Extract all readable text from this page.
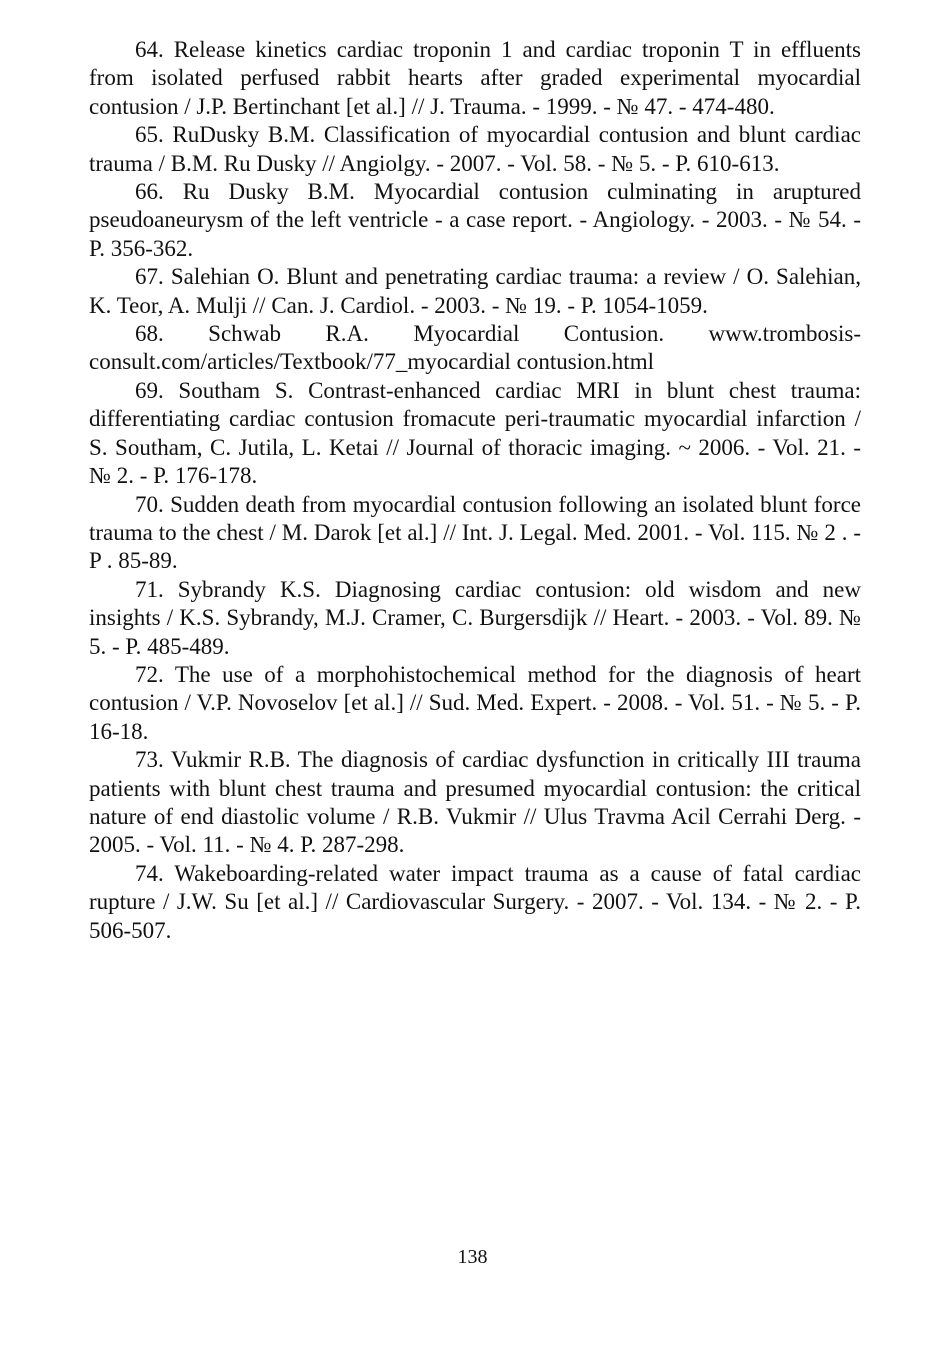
64. Release kinetics cardiac troponin 1 and cardiac troponin T in effluents from isolated perfused rabbit hearts after graded experimental myocardial contusion / J.P. Bertinchant [et al.] // J. Trauma. - 1999. - № 47. - 474-480.

65. RuDusky B.M. Classification of myocardial contusion and blunt cardiac trauma / B.M. Ru Dusky // Angiolgy. - 2007. - Vol. 58. - № 5. - P. 610-613.

66. Ru Dusky B.M. Myocardial contusion culminating in aruptured pseudoaneurysm of the left ventricle - a case report. - Angiology. - 2003. - № 54. - P. 356-362.

67. Salehian O. Blunt and penetrating cardiac trauma: a review / O. Salehian, K. Teor, A. Mulji // Can. J. Cardiol. - 2003. - № 19. - P. 1054-1059.

68. Schwab R.A. Myocardial Contusion. www.trombosis-consult.com/articles/Textbook/77_myocardial contusion.html

69. Southam S. Contrast-enhanced cardiac MRI in blunt chest trauma: differentiating cardiac contusion fromacute peri-traumatic myocardial infarction / S. Southam, C. Jutila, L. Ketai // Journal of thoracic imaging. ~ 2006. - Vol. 21. - № 2. - P. 176-178.

70. Sudden death from myocardial contusion following an isolated blunt force trauma to the chest / M. Darok [et al.] // Int. J. Legal. Med. 2001. - Vol. 115. № 2 . - P . 85-89.

71. Sybrandy K.S. Diagnosing cardiac contusion: old wisdom and new insights / K.S. Sybrandy, M.J. Cramer, C. Burgersdijk // Heart. - 2003. - Vol. 89. № 5. - P. 485-489.

72. The use of a morphohistochemical method for the diagnosis of heart contusion / V.P. Novoselov [et al.] // Sud. Med. Expert. - 2008. - Vol. 51. - № 5. - P. 16-18.

73. Vukmir R.B. The diagnosis of cardiac dysfunction in critically III trauma patients with blunt chest trauma and presumed myocardial contusion: the critical nature of end diastolic volume / R.B. Vukmir // Ulus Travma Acil Cerrahi Derg. - 2005. - Vol. 11. - № 4. P. 287-298.

74. Wakeboarding-related water impact trauma as a cause of fatal cardiac rupture / J.W. Su [et al.] // Cardiovascular Surgery. - 2007. - Vol. 134. - № 2. - P. 506-507.

138
